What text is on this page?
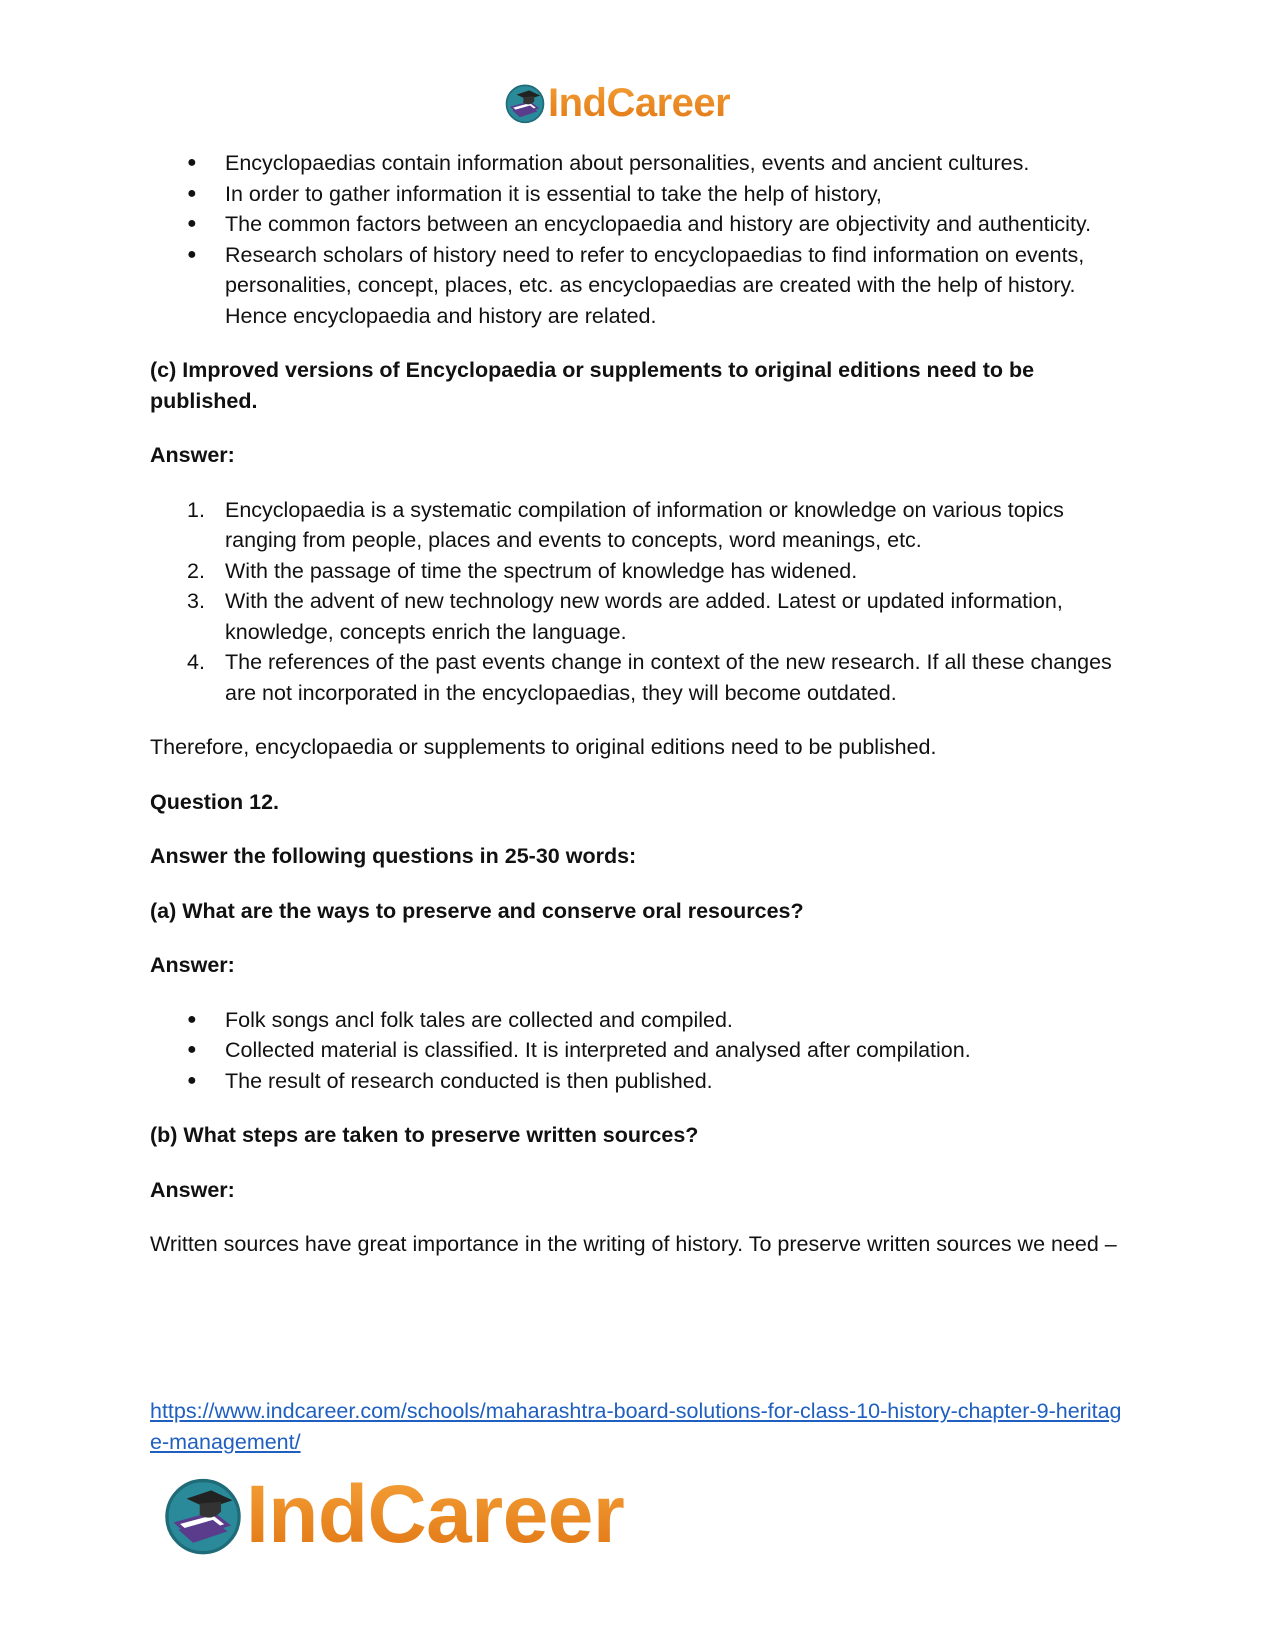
IndCareer
● Encyclopaedias contain information about personalities, events and ancient cultures.
● In order to gather information it is essential to take the help of history,
● The common factors between an encyclopaedia and history are objectivity and authenticity.
● Research scholars of history need to refer to encyclopaedias to find information on events, personalities, concept, places, etc. as encyclopaedias are created with the help of history. Hence encyclopaedia and history are related.

(c) Improved versions of Encyclopaedia or supplements to original editions need to be published.

Answer:

1. Encyclopaedia is a systematic compilation of information or knowledge on various topics ranging from people, places and events to concepts, word meanings, etc.
2. With the passage of time the spectrum of knowledge has widened.
3. With the advent of new technology new words are added. Latest or updated information, knowledge, concepts enrich the language.
4. The references of the past events change in context of the new research. If all these changes are not incorporated in the encyclopaedias, they will become outdated.

Therefore, encyclopaedia or supplements to original editions need to be published.

Question 12.

Answer the following questions in 25-30 words:

(a) What are the ways to preserve and conserve oral resources?

Answer:

● Folk songs ancl folk tales are collected and compiled.
● Collected material is classified. It is interpreted and analysed after compilation.
● The result of research conducted is then published.

(b) What steps are taken to preserve written sources?

Answer:

Written sources have great importance in the writing of history. To preserve written sources we need –

https://www.indcareer.com/schools/maharashtra-board-solutions-for-class-10-history-chapter-9-heritage-management/
IndCareer
